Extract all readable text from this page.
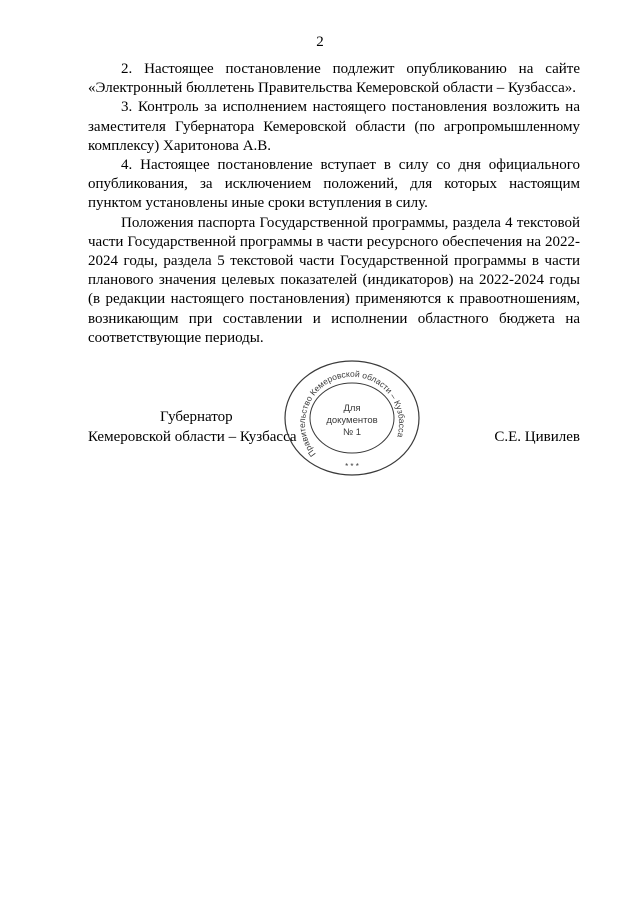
2

2. Настоящее постановление подлежит опубликованию на сайте «Электронный бюллетень Правительства Кемеровской области – Кузбасса».

3. Контроль за исполнением настоящего постановления возложить на заместителя Губернатора Кемеровской области (по агропромышленному комплексу) Харитонова А.В.

4. Настоящее постановление вступает в силу со дня официального опубликования, за исключением положений, для которых настоящим пунктом установлены иные сроки вступления в силу.

Положения паспорта Государственной программы, раздела 4 текстовой части Государственной программы в части ресурсного обеспечения на 2022-2024 годы, раздела 5 текстовой части Государственной программы в части планового значения целевых показателей (индикаторов) на 2022-2024 годы (в редакции настоящего постановления) применяются к правоотношениям, возникающим при составлении и исполнении областного бюджета на соответствующие периоды.

Губернатор
Кемеровской области – Кузбасса	С.Е. Цивилев
Правительство Кемеровской области – Кузбасса
Для
документов
№ 1
* * *
